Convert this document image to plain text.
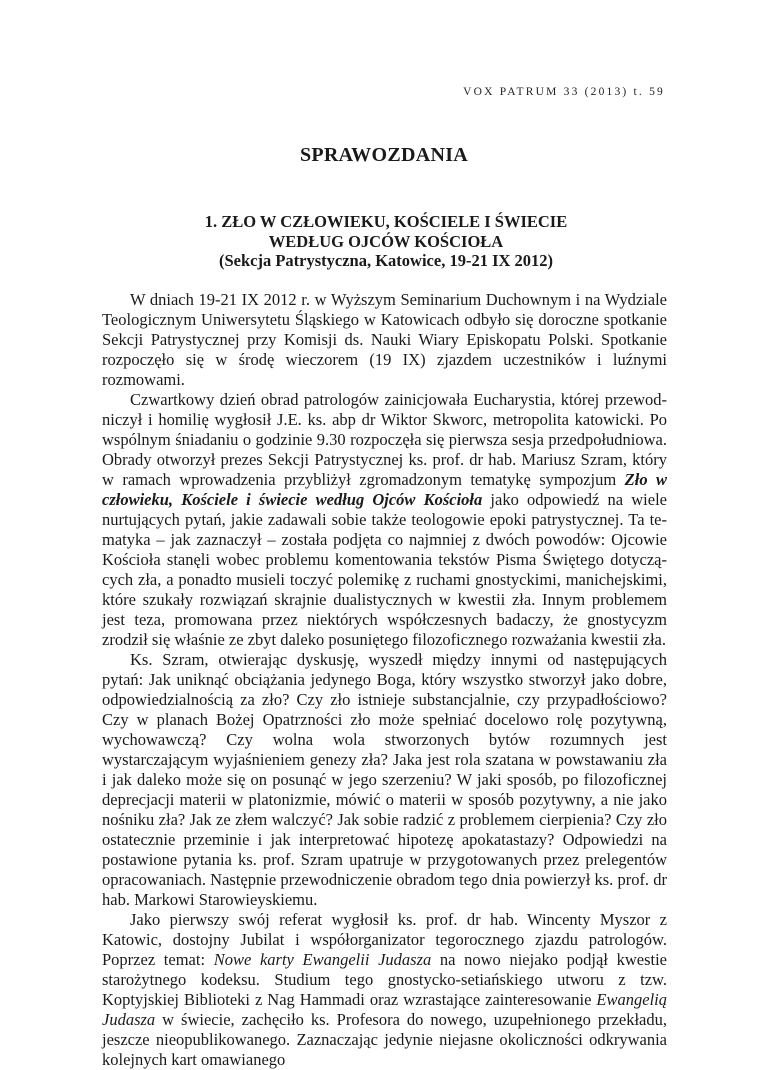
VOX PATRUM 33 (2013) t. 59
SPRAWOZDANIA
1. ZŁO W CZŁOWIEKU, KOŚCIELE I ŚWIECIE
WEDŁUG OJCÓW KOŚCIOŁA
(Sekcja Patrystyczna, Katowice, 19-21 IX 2012)

W dniach 19-21 IX 2012 r. w Wyższym Seminarium Duchownym i na Wydziale Teologicznym Uniwersytetu Śląskiego w Katowicach odbyło się doroczne spotkanie Sekcji Patrystycznej przy Komisji ds. Nauki Wiary Episkopatu Polski. Spotkanie rozpoczęło się w środę wieczorem (19 IX) zjazdem uczestników i luźnymi rozmowami.

Czwartkowy dzień obrad patrologów zainicjowała Eucharystia, której przewodniczył i homilię wygłosił J.E. ks. abp dr Wiktor Skworc, metropolita katowicki. Po wspólnym śniadaniu o godzinie 9.30 rozpoczęła się pierwsza sesja przedpołudniowa. Obrady otworzył prezes Sekcji Patrystycznej ks. prof. dr hab. Mariusz Szram, który w ramach wprowadzenia przybliżył zgromadzonym tematykę sympozjum Zło w człowieku, Kościele i świecie według Ojców Kościoła jako odpowiedź na wiele nurtujących pytań, jakie zadawali sobie także teologowie epoki patrystycznej. Ta tematyka – jak zaznaczył – została podjęta co najmniej z dwóch powodów: Ojcowie Kościoła stanęli wobec problemu komentowania tekstów Pisma Świętego dotyczących zła, a ponadto musieli toczyć polemikę z ruchami gnostyckimi, manichejskimi, które szukały rozwiązań skrajnie dualistycznych w kwestii zła. Innym problemem jest teza, promowana przez niektórych współczesnych badaczy, że gnostycyzm zrodził się właśnie ze zbyt daleko posuniętego filozoficznego rozważania kwestii zła.

Ks. Szram, otwierając dyskusję, wyszedł między innymi od następujących pytań: Jak uniknąć obciążania jedynego Boga, który wszystko stworzył jako dobre, odpowiedzialnością za zło? Czy zło istnieje substancjalnie, czy przypadłościowo? Czy w planach Bożej Opatrzności zło może spełniać docelowo rolę pozytywną, wychowawczą? Czy wolna wola stworzonych bytów rozumnych jest wystarczającym wyjaśnieniem genezy zła? Jaka jest rola szatana w powstawaniu zła i jak daleko może się on posunąć w jego szerzeniu? W jaki sposób, po filozoficznej deprecjacji materii w platonizmie, mówić o materii w sposób pozytywny, a nie jako nośniku zła? Jak ze złem walczyć? Jak sobie radzić z problemem cierpienia? Czy zło ostatecznie przeminie i jak interpretować hipotezę apokatastazy? Odpowiedzi na postawione pytania ks. prof. Szram upatruje w przygotowanych przez prelegentów opracowaniach. Następnie przewodniczenie obradom tego dnia powierzył ks. prof. dr hab. Markowi Starowieyskiemu.

Jako pierwszy swój referat wygłosił ks. prof. dr hab. Wincenty Myszor z Katowic, dostojny Jubilat i współorganizator tegorocznego zjazdu patrologów. Poprzez temat: Nowe karty Ewangelii Judasza na nowo niejako podjął kwestie starożytnego kodeksu. Studium tego gnostycko-setiańskiego utworu z tzw. Koptyjskiej Biblioteki z Nag Hammadi oraz wzrastające zainteresowanie Ewangelią Judasza w świecie, zachęciło ks. Profesora do nowego, uzupełnionego przekładu, jeszcze nieopublikowanego. Zaznaczając jedynie niejasne okoliczności odkrywania kolejnych kart omawianego
